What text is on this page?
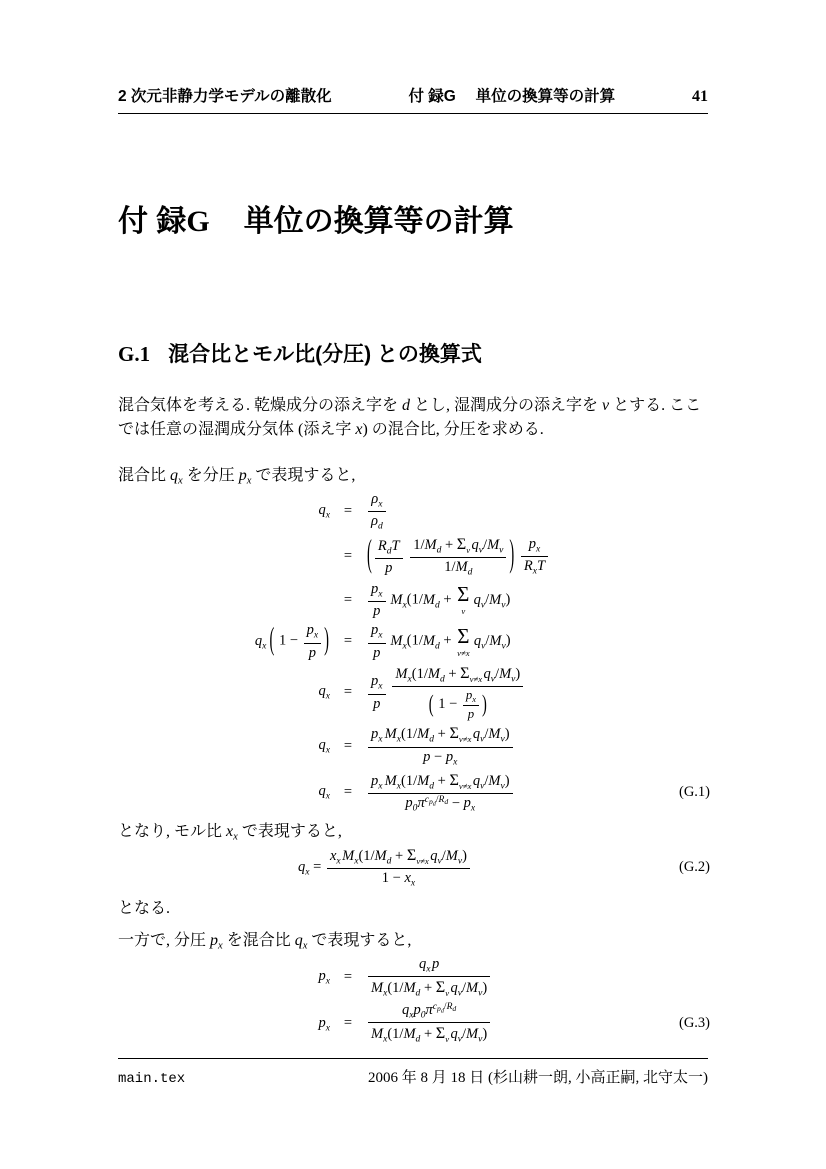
2 次元非静力学モデルの離散化	付 録G　 単位の換算等の計算	41
付 録G 単位の換算等の計算
G.1 混合比とモル比(分圧) との換算式

混合気体を考える. 乾燥成分の添え字を d とし, 湿潤成分の添え字を v とする. ここでは任意の湿潤成分気体 (添え字 x) の混合比, 分圧を求める.

混合比 $q_x$ を分圧 $p_x$ で表現すると,

$q_x = \frac{\rho_x}{\rho_d}$
=	( $\frac{R_dT}{p} \frac{1/M_d + \Sigma_vq_v/M_v}{1/M_d}$ ) $\frac{p_x}{R_xT}$
= $\frac{p_x}{p} M_x(1/M_d + \Sigma$
v
$q_v/M_v$)
$q_x$ ( $1 - \frac{p_x}{p}$ )	= $\frac{p_x}{p} M_x(1/M_d + \Sigma$
v≠x
$q_v/M_v$)
$q_x = \frac{p_x}{p} \frac{M_x(1/M_d + \Sigma_{v\ne x}q_v/M_v)}{( 1 - \frac{p_x}{p} )}$
$q_x = \frac{p_x M_x(1/M_d + \Sigma_{v\ne x}q_v/M_v)}{p - p_x}$
$q_x = \frac{p_x M_x(1/M_d + \Sigma_{v\ne x}q_v/M_v)}{p_0\pi^{cpd/Rd} - p_x}$	(G.1)

となり, モル比 $x_x$ で表現すると,

$q_x = \frac{x_xM_x(1/M_d + \Sigma_{v\ne x}q_v/M_v)}{1 - x_x}$	(G.2)

となる.

一方で, 分圧 $p_x$ を混合比 $q_x$ で表現すると,

$p_x = \frac{q_xp}{M_x(1/M_d + \Sigma_vq_v/M_v)}$
$p_x = \frac{q_xp_0\pi^{cpd/Rd}}{M_x(1/M_d + \Sigma_vq_v/M_v)}$	(G.3)
main.tex	2006 年 8 月 18 日 (杉山耕一朗, 小高正嗣, 北守太一)
